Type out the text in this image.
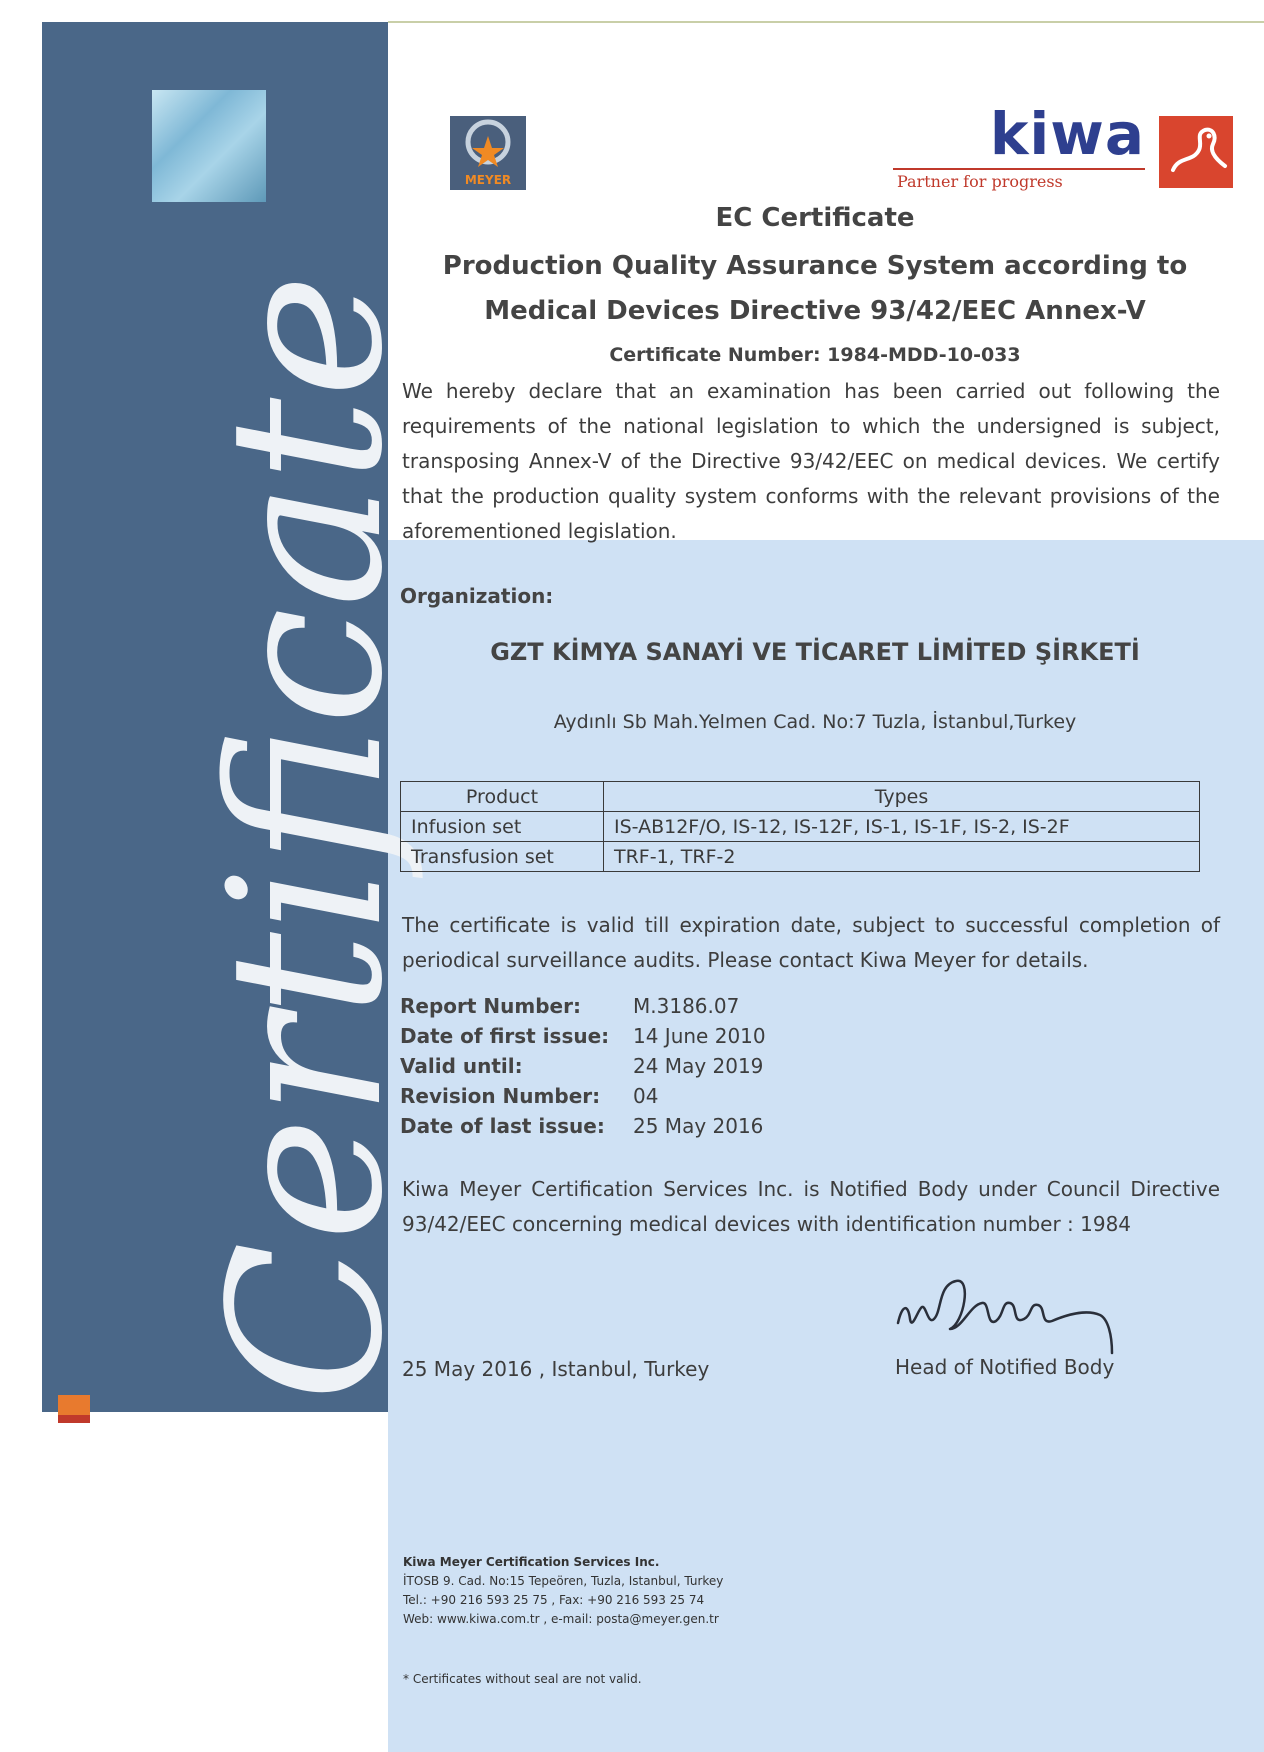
Certificate

MEYER

kiwa

Partner for progress

EC Certificate

Production Quality Assurance System according to

Medical Devices Directive 93/42/EEC Annex-V

Certificate Number: 1984-MDD-10-033

We hereby declare that an examination has been carried out following the requirements of the national legislation to which the undersigned is subject, transposing Annex-V of the Directive 93/42/EEC on medical devices. We certify that the production quality system conforms with the relevant provisions of the aforementioned legislation.

Organization:

GZT KİMYA SANAYİ VE TİCARET LİMİTED ŞİRKETİ

Aydınlı Sb Mah.Yelmen Cad. No:7 Tuzla, İstanbul,Turkey

Product	Types
Infusion set	IS-AB12F/O, IS-12, IS-12F, IS-1, IS-1F, IS-2, IS-2F
Transfusion set	TRF-1, TRF-2

The certificate is valid till expiration date, subject to successful completion of periodical surveillance audits. Please contact Kiwa Meyer for details.

Report Number:	M.3186.07

Date of first issue: 14 June 2010

Valid until:	24 May 2019

Revision Number: 04

Date of last issue: 25 May 2016

Kiwa Meyer Certification Services Inc. is Notified Body under Council Directive 93/42/EEC concerning medical devices with identification number : 1984

25 May 2016 , Istanbul, Turkey	Head of Notified Body

Kiwa Meyer Certification Services Inc.

İTOSB 9. Cad. No:15 Tepeören, Tuzla, Istanbul, Turkey

Tel.: +90 216 593 25 75 , Fax: +90 216 593 25 74

Web: www.kiwa.com.tr , e-mail: posta@meyer.gen.tr

* Certificates without seal are not valid.
